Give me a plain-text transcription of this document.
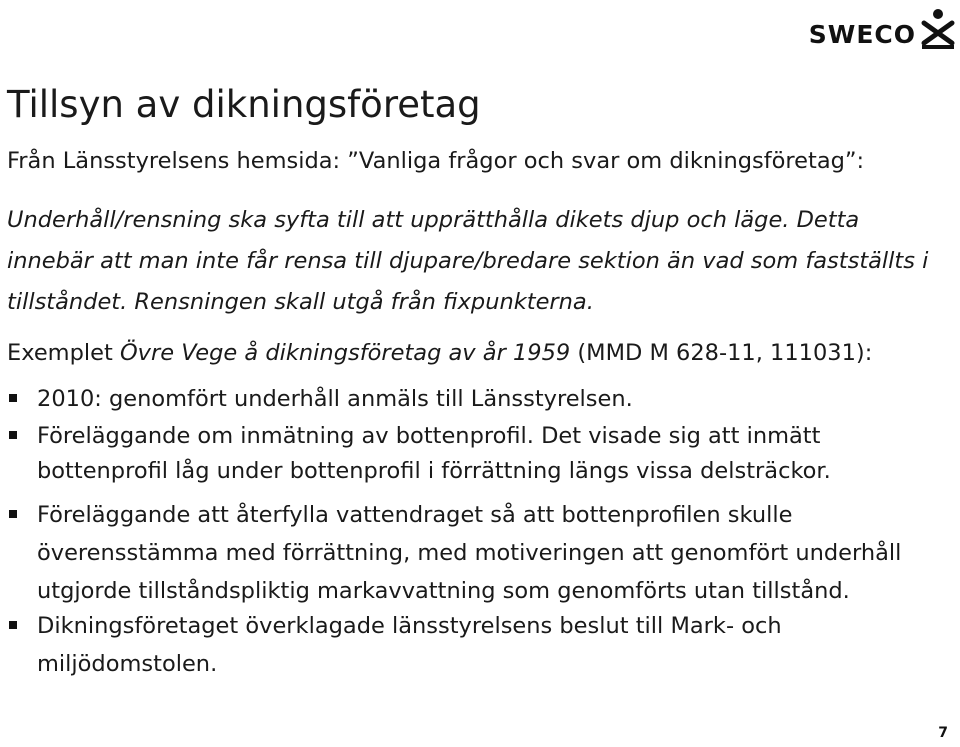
SWECO
Tillsyn av dikningsföretag

Från Länsstyrelsens hemsida: ”Vanliga frågor och svar om dikningsföretag”:

Underhåll/rensning ska syfta till att upprätthålla dikets djup och läge. Detta innebär att man inte får rensa till djupare/bredare sektion än vad som fastställts i tillståndet. Rensningen skall utgå från fixpunkterna.

Exemplet Övre Vege å dikningsföretag av år 1959 (MMD M 628-11, 111031):

2010: genomfört underhåll anmäls till Länsstyrelsen.
Föreläggande om inmätning av bottenprofil. Det visade sig att inmätt bottenprofil låg under bottenprofil i förrättning längs vissa delsträckor.
Föreläggande att återfylla vattendraget så att bottenprofilen skulle överensstämma med förrättning, med motiveringen att genomfört underhåll utgjorde tillståndspliktig markavvattning som genomförts utan tillstånd.
Dikningsföretaget överklagade länsstyrelsens beslut till Mark- och miljödomstolen.
7
